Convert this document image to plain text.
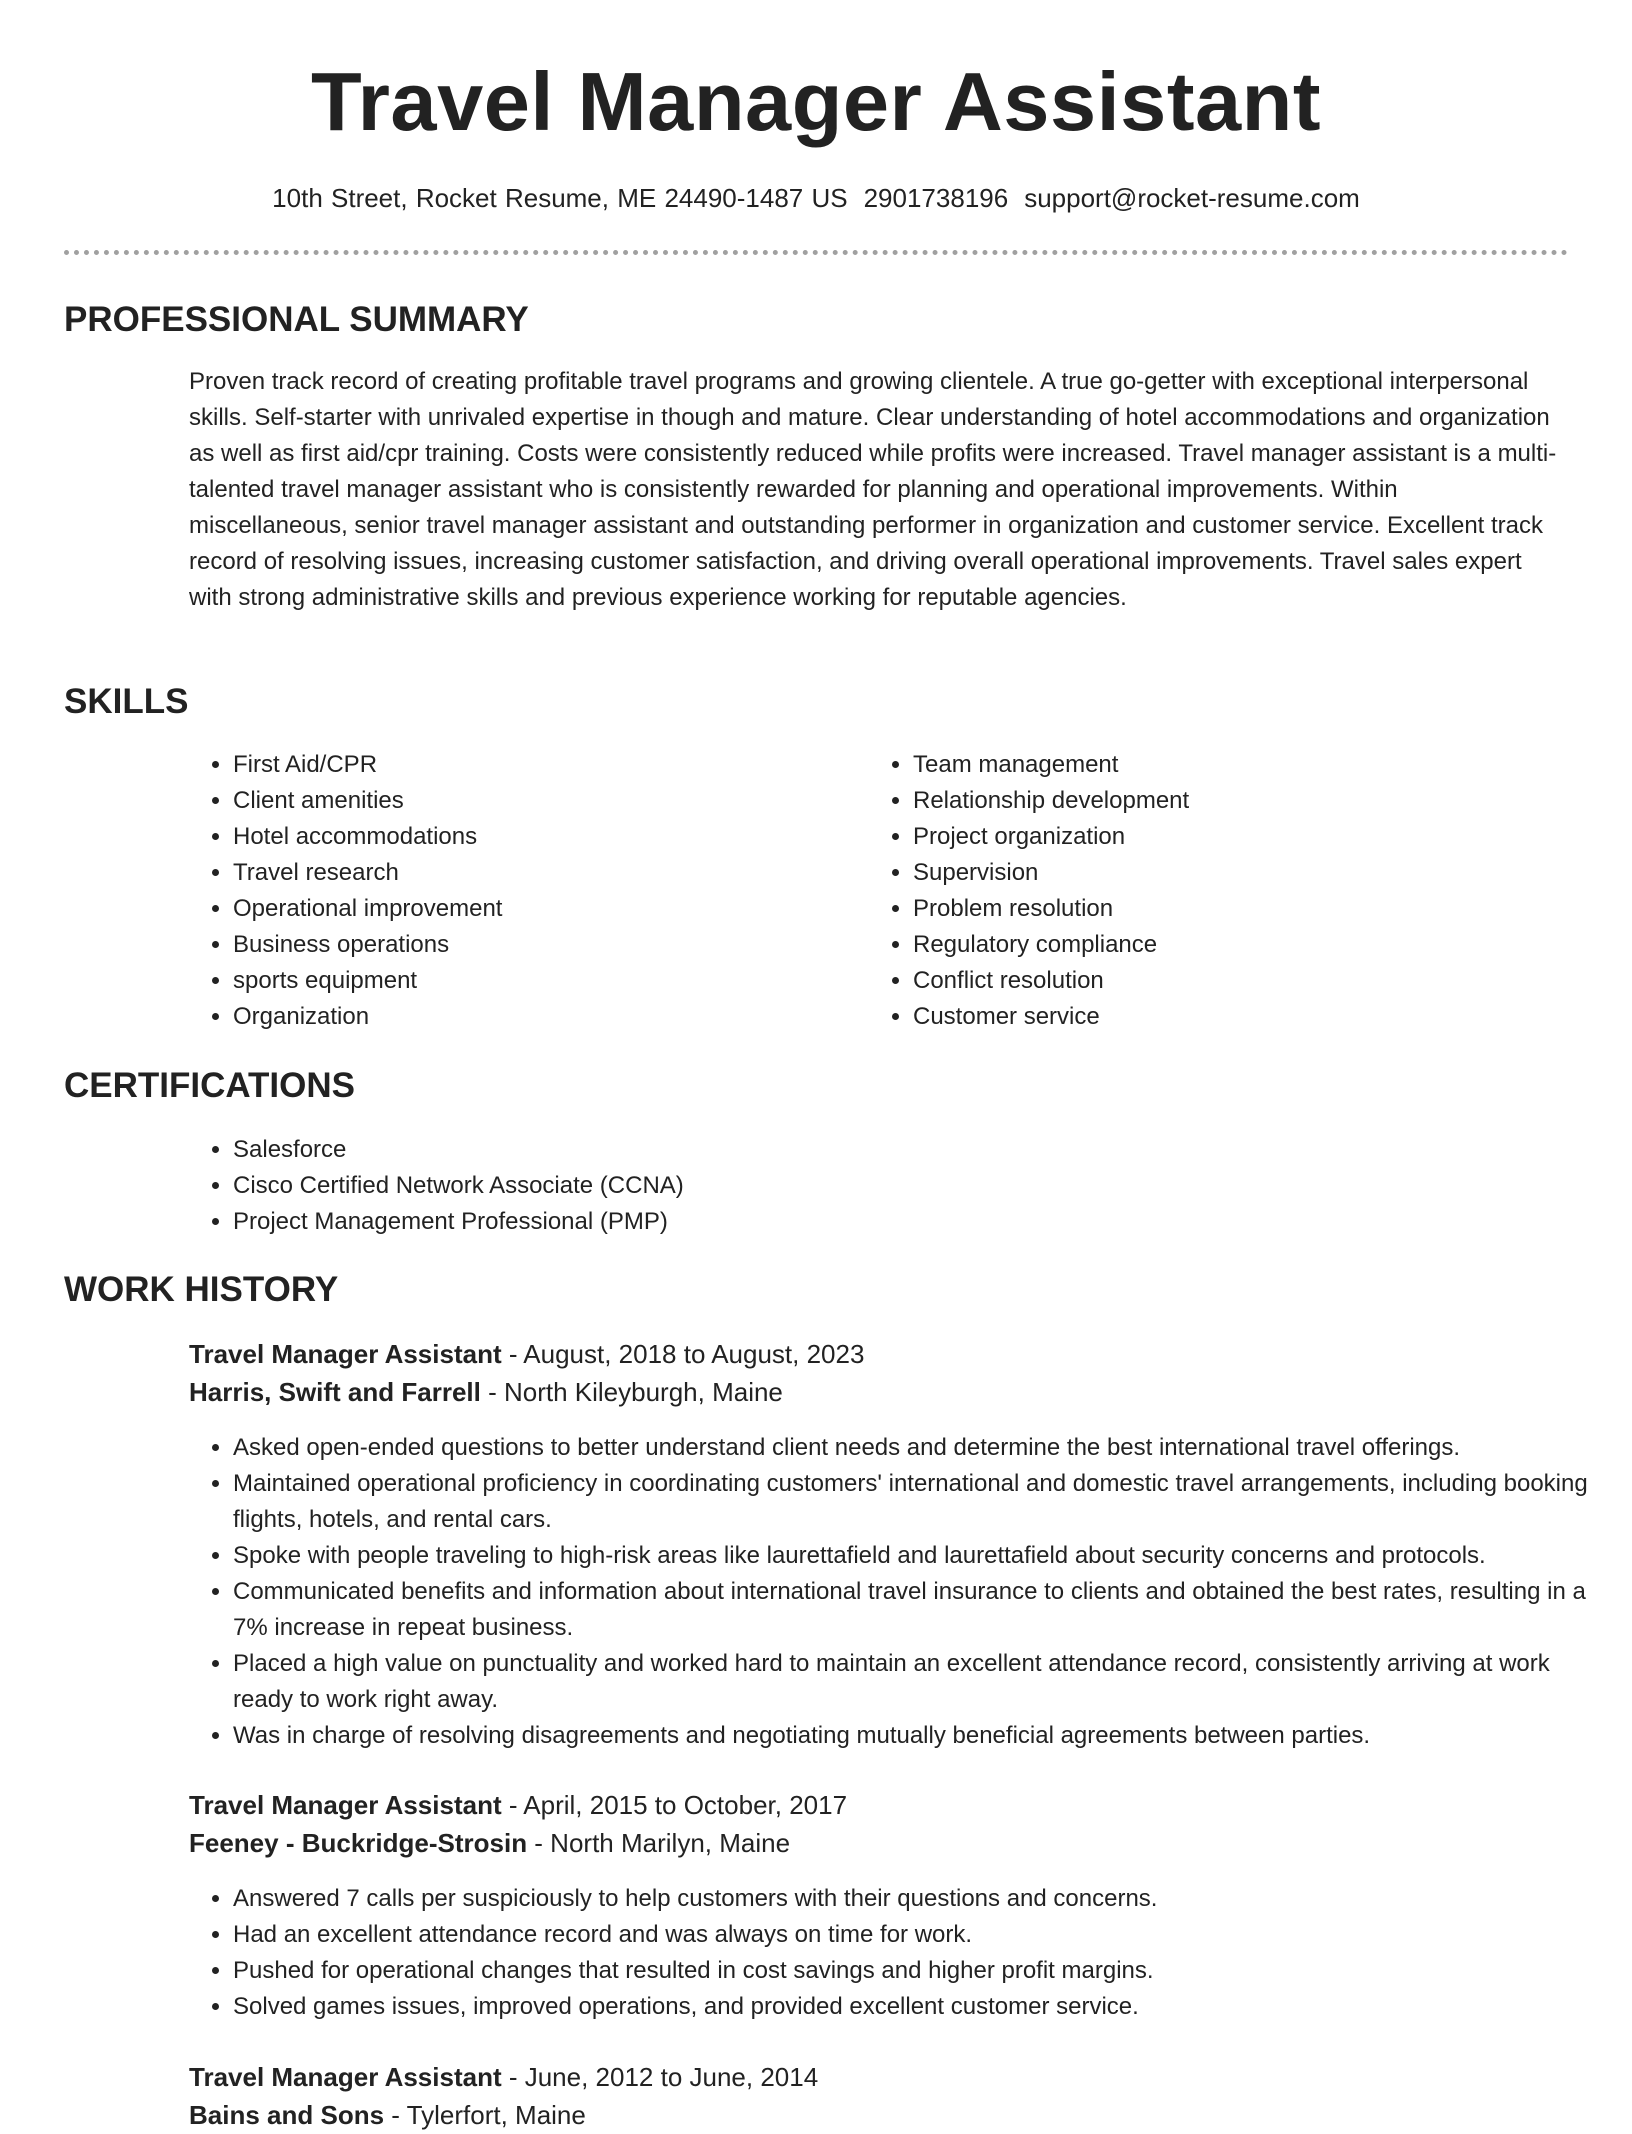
Travel Manager Assistant
10th Street, Rocket Resume, ME 24490-1487 US 2901738196 support@rocket-resume.com
PROFESSIONAL SUMMARY
Proven track record of creating profitable travel programs and growing clientele. A true go-getter with exceptional interpersonal skills. Self-starter with unrivaled expertise in though and mature. Clear understanding of hotel accommodations and organization as well as first aid/cpr training. Costs were consistently reduced while profits were increased. Travel manager assistant is a multi-talented travel manager assistant who is consistently rewarded for planning and operational improvements. Within miscellaneous, senior travel manager assistant and outstanding performer in organization and customer service. Excellent track record of resolving issues, increasing customer satisfaction, and driving overall operational improvements. Travel sales expert with strong administrative skills and previous experience working for reputable agencies.
SKILLS
• First Aid/CPR
• Client amenities
• Hotel accommodations
• Travel research
• Operational improvement
• Business operations
• sports equipment
• Organization
• Team management
• Relationship development
• Project organization
• Supervision
• Problem resolution
• Regulatory compliance
• Conflict resolution
• Customer service
CERTIFICATIONS
• Salesforce
• Cisco Certified Network Associate (CCNA)
• Project Management Professional (PMP)
WORK HISTORY
Travel Manager Assistant - August, 2018 to August, 2023
Harris, Swift and Farrell - North Kileyburgh, Maine
• Asked open-ended questions to better understand client needs and determine the best international travel offerings.
• Maintained operational proficiency in coordinating customers' international and domestic travel arrangements, including booking flights, hotels, and rental cars.
• Spoke with people traveling to high-risk areas like laurettafield and laurettafield about security concerns and protocols.
• Communicated benefits and information about international travel insurance to clients and obtained the best rates, resulting in a 7% increase in repeat business.
• Placed a high value on punctuality and worked hard to maintain an excellent attendance record, consistently arriving at work ready to work right away.
• Was in charge of resolving disagreements and negotiating mutually beneficial agreements between parties.
Travel Manager Assistant - April, 2015 to October, 2017
Feeney - Buckridge-Strosin - North Marilyn, Maine
• Answered 7 calls per suspiciously to help customers with their questions and concerns.
• Had an excellent attendance record and was always on time for work.
• Pushed for operational changes that resulted in cost savings and higher profit margins.
• Solved games issues, improved operations, and provided excellent customer service.
Travel Manager Assistant - June, 2012 to June, 2014
Bains and Sons - Tylerfort, Maine
